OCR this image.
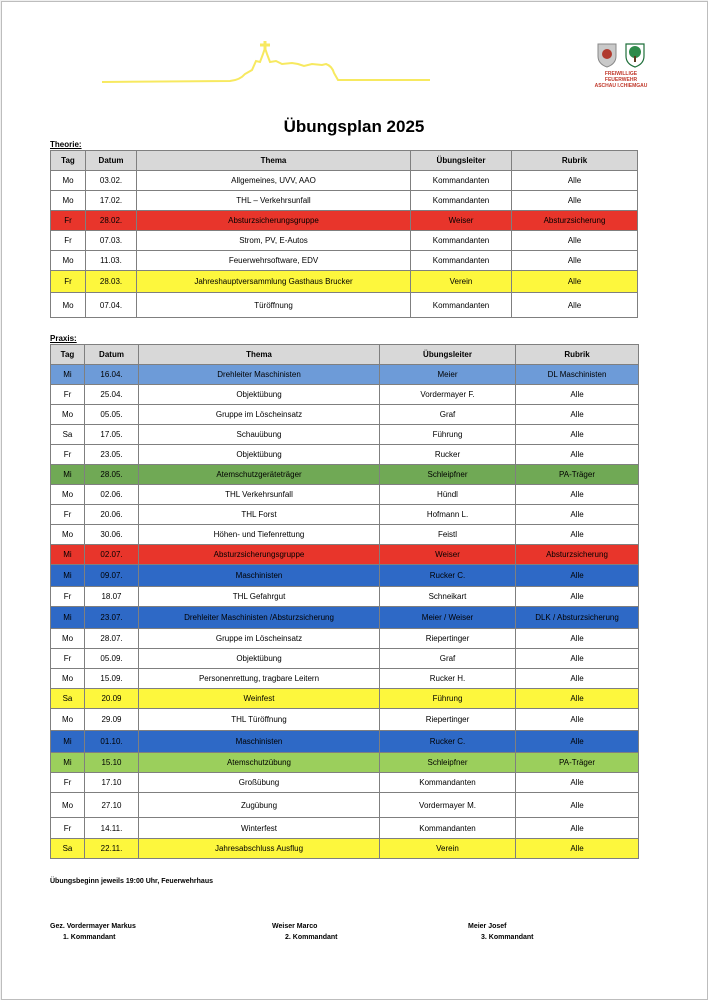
FREIWILLIGE
FEUERWEHR
ASCHAU I.CHIEMGAU
Übungsplan 2025
Theorie:
Tag	Datum	Thema	Übungsleiter	Rubrik
Mo	03.02.	Allgemeines, UVV, AAO	Kommandanten	Alle
Mo	17.02.	THL – Verkehrsunfall	Kommandanten	Alle
Fr	28.02.	Absturzsicherungsgruppe	Weiser	Absturzsicherung
Fr	07.03.	Strom, PV, E-Autos	Kommandanten	Alle
Mo	11.03.	Feuerwehrsoftware, EDV	Kommandanten	Alle
Fr	28.03.	Jahreshauptversammlung Gasthaus Brucker	Verein	Alle
Mo	07.04.	Türöffnung	Kommandanten	Alle
Praxis:
Tag	Datum	Thema	Übungsleiter	Rubrik
Mi	16.04.	Drehleiter Maschinisten	Meier	DL Maschinisten
Fr	25.04.	Objektübung	Vordermayer F.	Alle
Mo	05.05.	Gruppe im Löscheinsatz	Graf	Alle
Sa	17.05.	Schauübung	Führung	Alle
Fr	23.05.	Objektübung	Rucker	Alle
Mi	28.05.	Atemschutzgeräteträger	Schleipfner	PA-Träger
Mo	02.06.	THL Verkehrsunfall	Hündl	Alle
Fr	20.06.	THL Forst	Hofmann L.	Alle
Mo	30.06.	Höhen- und Tiefenrettung	Feistl	Alle
Mi	02.07.	Absturzsicherungsgruppe	Weiser	Absturzsicherung
Mi	09.07.	Maschinisten	Rucker C.	Alle
Fr	18.07	THL Gefahrgut	Schneikart	Alle
Mi	23.07.	Drehleiter Maschinisten /Absturzsicherung	Meier / Weiser	DLK / Absturzsicherung
Mo	28.07.	Gruppe im Löscheinsatz	Riepertinger	Alle
Fr	05.09.	Objektübung	Graf	Alle
Mo	15.09.	Personenrettung, tragbare Leitern	Rucker H.	Alle
Sa	20.09	Weinfest	Führung	Alle
Mo	29.09	THL Türöffnung	Riepertinger	Alle
Mi	01.10.	Maschinisten	Rucker C.	Alle
Mi	15.10	Atemschutzübung	Schleipfner	PA-Träger
Fr	17.10	Großübung	Kommandanten	Alle
Mo	27.10	Zugübung	Vordermayer M.	Alle
Fr	14.11.	Winterfest	Kommandanten	Alle
Sa	22.11.	Jahresabschluss Ausflug	Verein	Alle
Übungsbeginn jeweils 19:00 Uhr, Feuerwehrhaus
Gez. Vordermayer Markus
1. Kommandant
Weiser Marco
2. Kommandant
Meier Josef
3. Kommandant
